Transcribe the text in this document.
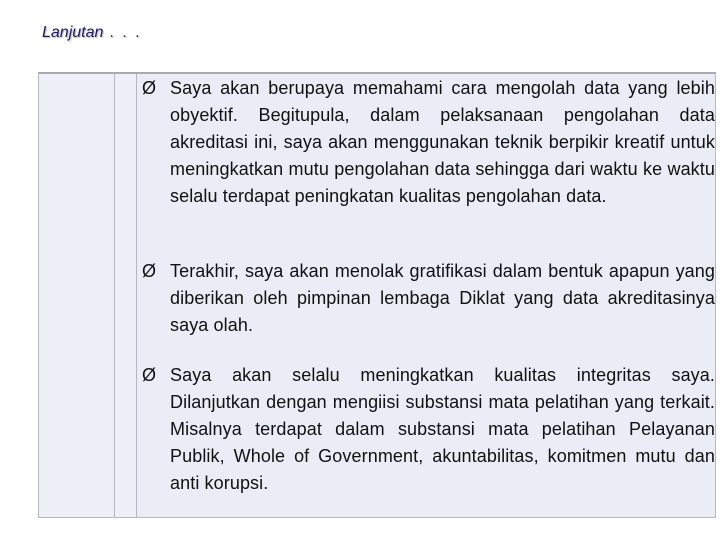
Lanjutan . . .
Ø Saya akan berupaya memahami cara mengolah data yang lebih obyektif. Begitupula, dalam pelaksanaan pengolahan data akreditasi ini, saya akan menggunakan teknik berpikir kreatif untuk meningkatkan mutu pengolahan data sehingga dari waktu ke waktu selalu terdapat peningkatan kualitas pengolahan data.
Ø Terakhir, saya akan menolak gratifikasi dalam bentuk apapun yang diberikan oleh pimpinan lembaga Diklat yang data akreditasinya saya olah.
Ø Saya akan selalu meningkatkan kualitas integritas saya. Dilanjutkan dengan mengiisi substansi mata pelatihan yang terkait. Misalnya terdapat dalam substansi mata pelatihan Pelayanan Publik, Whole of Government, akuntabilitas, komitmen mutu dan anti korupsi.
